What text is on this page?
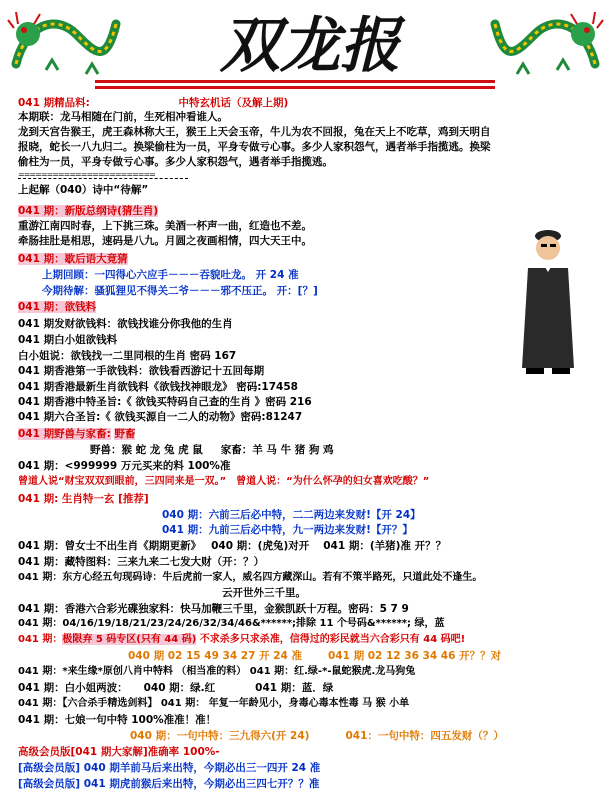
双龙报
041 期精品料:	中特玄机话（及解上期)
本期联：龙马相随在门前，生死相冲看谁人。
龙到天宫告猴王，虎王森林称大王，猴王上天会玉帝，牛儿为农不回报，兔在天上不吃草，鸡到天明自
报晓，蛇长一八九归二。换梁偷柱为一员，平身专做亏心事。多少人家积怨气，遇者举手指揽逃。换梁
偷柱为一员，平身专做亏心事。多少人家积怨气，遇者举手指揽逃。
========================
上起解（040）诗中“待解”
041 期：新版总纲诗(猜生肖)
重游江南四时春，上下挑三珠。美酒一杯声一曲，红造也不差。
牵肠挂肚是相思，速码是八九。月圆之夜画相情，四大天王中。
041 期：歇后语大竟猜
上期回顾：一四得心六应手－－－吞貌吐龙。 开 24 准
今期待解：骚狐狸见不得关二爷－－－邪不压正。 开：[？]
041 期：欲钱料
041 期发财欲钱料：欲钱找谁分你我他的生肖
041 期白小姐欲钱料
白小姐说：欲钱找一二里同根的生肖 密码 167
041 期香港第一手欲钱料：欲钱看西游记十五回每期
041 期香港最新生肖欲钱料《欲钱找神眼龙》 密码:17458
041 期香港中特圣旨:《 欲钱买特码自己查的生肖 》密码 216
041 期六合圣旨:《 欲钱买源自一二人的动物》密码:81247
041 期野兽与家畜: 野畜
野兽：猴 蛇 龙 兔 虎 鼠 家畜：羊 马 牛 猪 狗 鸡
041 期：<999999 万元买来的料 100%准
曾道人说“财宝双双到眼前，三四同来是一双。” 曾道人说：“为什么怀孕的妇女喜欢吃酸？”
041 期: 生肖特一玄 [推荐]
040 期：六前三后必中特，二二两边来发财!【开 24】
041 期：九前三后必中特，九一两边来发财!【开？】
041 期：曾女士不出生肖《期期更新》 040 期：(虎兔)对开 041 期：(羊猪)准 开？？
041 期：藏特图料：三来九来二七发大财（开：？）
041 期：东方心经五句现码诗：牛后虎前一家人，威名四方藏深山。若有不策半路死，只道此处不逢生。
云开世外三千里。
041 期：香港六合彩光碟独家料：快马加鞭三千里，金猴凯跃十万程。密码：5 7 9
041 期：04/16/19/18/21/23/24/26/32/34/46&******;排除 11 个号码&******; 绿，蓝
041 期：极限弃 5 码专区(只有 44 码) 不求杀多只求杀准，信得过的彩民就当六合彩只有 44 码吧!
040 期 02 15 49 34 27 开 24 准 041 期 02 12 36 34 46 开？？对
041 期：*来生缘*原创八肖中特料 （相当准的料） 041 期：红.绿-*-鼠蛇猴虎.龙马狗兔
041 期：白小姐两波： 040 期：绿.红	041 期：蓝．绿
041 期：【六合杀手精选剑料】 041 期： 年复一年龄见小，身毒心毒本性毒 马 猴 小单
041 期：七娘一句中特 100%准准！准！
040 期：一句中特：三九得六(开 24)	041：一句中特：四五发财（？）
高级会员版[041 期大家解]准确率 100%-
[高级会员版] 040 期羊前马后来出特，今期必出三一四开 24 准
[高级会员版] 041 期虎前猴后来出特，今期必出三四七开？？准
